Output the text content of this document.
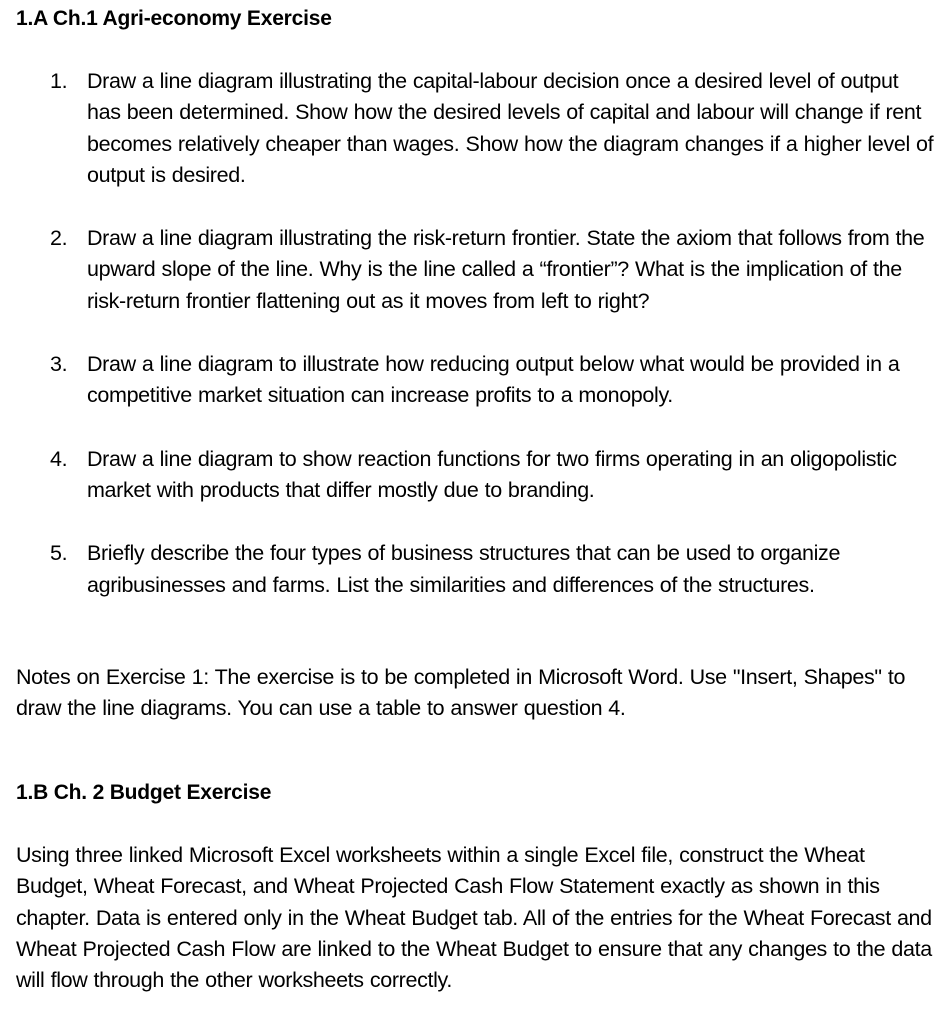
1.A Ch.1 Agri-economy Exercise
1. Draw a line diagram illustrating the capital-labour decision once a desired level of output has been determined. Show how the desired levels of capital and labour will change if rent becomes relatively cheaper than wages. Show how the diagram changes if a higher level of output is desired.
2. Draw a line diagram illustrating the risk-return frontier. State the axiom that follows from the upward slope of the line. Why is the line called a “frontier”? What is the implication of the risk-return frontier flattening out as it moves from left to right?
3. Draw a line diagram to illustrate how reducing output below what would be provided in a competitive market situation can increase profits to a monopoly.
4. Draw a line diagram to show reaction functions for two firms operating in an oligopolistic market with products that differ mostly due to branding.
5. Briefly describe the four types of business structures that can be used to organize agribusinesses and farms. List the similarities and differences of the structures.

Notes on Exercise 1: The exercise is to be completed in Microsoft Word. Use "Insert, Shapes" to draw the line diagrams. You can use a table to answer question 4.

1.B Ch. 2 Budget Exercise

Using three linked Microsoft Excel worksheets within a single Excel file, construct the Wheat Budget, Wheat Forecast, and Wheat Projected Cash Flow Statement exactly as shown in this chapter. Data is entered only in the Wheat Budget tab. All of the entries for the Wheat Forecast and Wheat Projected Cash Flow are linked to the Wheat Budget to ensure that any changes to the data will flow through the other worksheets correctly.
